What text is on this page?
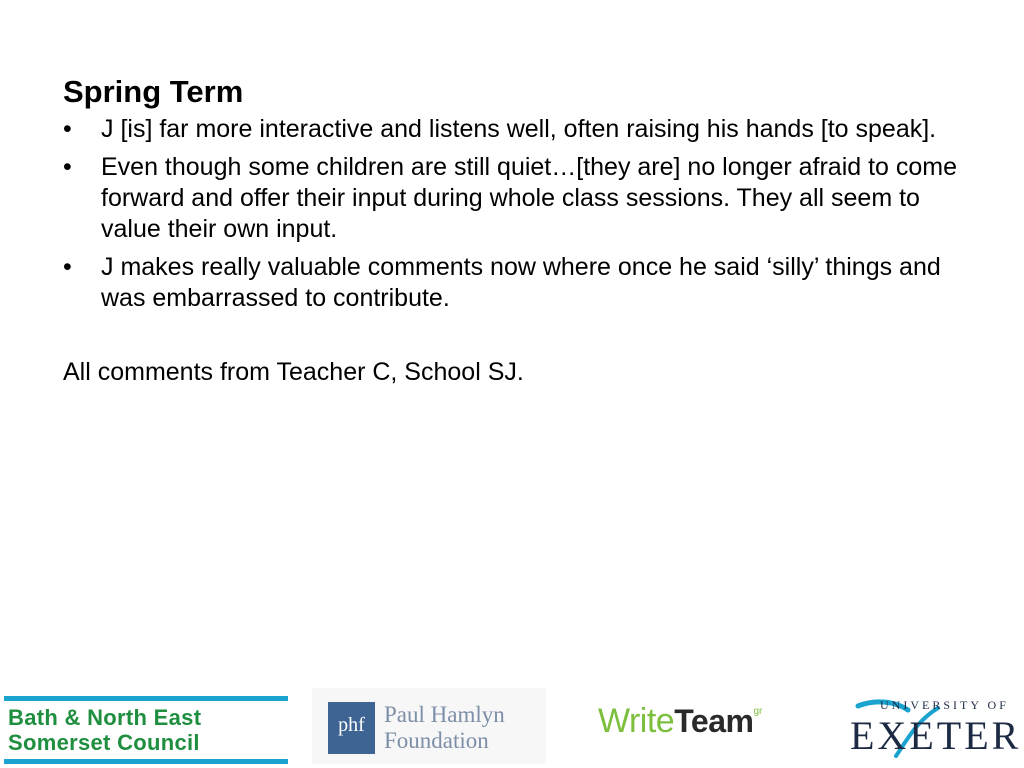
Spring Term
•	J [is] far more interactive and listens well, often raising his hands [to speak].
•	Even though some children are still quiet…[they are] no longer afraid to come forward and offer their input during whole class sessions. They all seem to value their own input.
•	J makes really valuable comments now where once he said ‘silly’ things and was embarrassed to contribute.
All comments from Teacher C, School SJ.
Bath & North East
Somerset Council
phf Paul Hamlyn
Foundation
WriteTeam$^{gr}$	UNIVERSITY OF
EXETER
